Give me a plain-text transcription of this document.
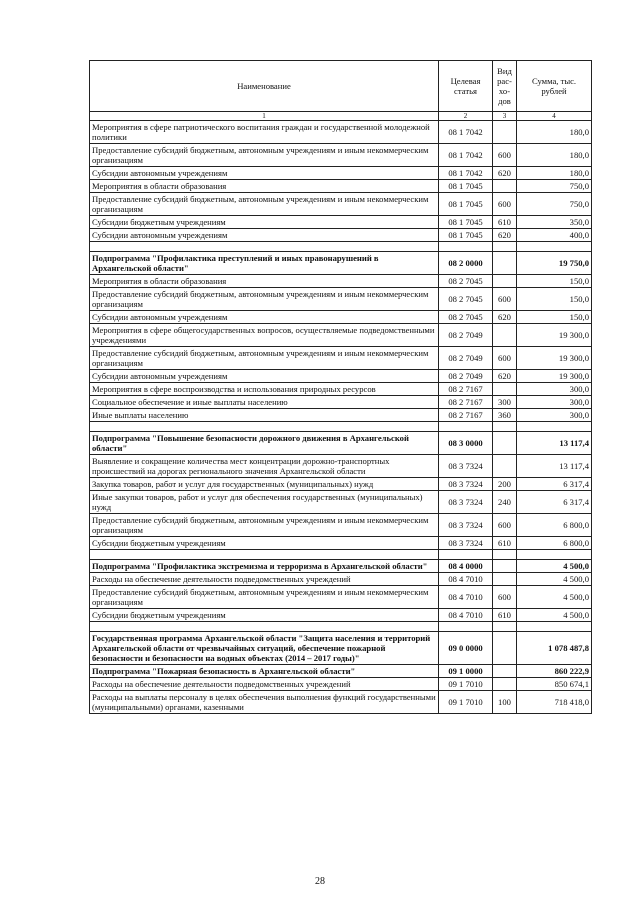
Наименование	Целевая статья	Вид рас- хо- дов	Сумма, тыс. рублей
1	2	3	4
Мероприятия в сфере патриотического воспитания граждан и государственной молодежной политики	08 1 7042		180,0
Предоставление субсидий бюджетным, автономным учреждениям и иным некоммерческим организациям	08 1 7042	600	180,0
Субсидии автономным учреждениям	08 1 7042	620	180,0
Мероприятия в области образования	08 1 7045		750,0
Предоставление субсидий бюджетным, автономным учреждениям и иным некоммерческим организациям	08 1 7045	600	750,0
Субсидии бюджетным учреждениям	08 1 7045	610	350,0
Субсидии автономным учреждениям	08 1 7045	620	400,0

Подпрограмма "Профилактика преступлений и иных правонарушений в Архангельской области"	08 2 0000		19 750,0
Мероприятия в области образования	08 2 7045		150,0
Предоставление субсидий бюджетным, автономным учреждениям и иным некоммерческим организациям	08 2 7045	600	150,0
Субсидии автономным учреждениям	08 2 7045	620	150,0
Мероприятия в сфере общегосударственных вопросов, осуществляемые подведомственными учреждениями	08 2 7049		19 300,0
Предоставление субсидий бюджетным, автономным учреждениям и иным некоммерческим организациям	08 2 7049	600	19 300,0
Субсидии автономным учреждениям	08 2 7049	620	19 300,0
Мероприятия в сфере воспроизводства и использования природных ресурсов	08 2 7167		300,0
Социальное обеспечение и иные выплаты населению	08 2 7167	300	300,0
Иные выплаты населению	08 2 7167	360	300,0

Подпрограмма "Повышение безопасности дорожного движения в Архангельской области"	08 3 0000		13 117,4
Выявление и сокращение количества мест концентрации дорожно-транспортных происшествий на дорогах регионального значения Архангельской области	08 3 7324		13 117,4
Закупка товаров, работ и услуг для государственных (муниципальных) нужд	08 3 7324	200	6 317,4
Иные закупки товаров, работ и услуг для обеспечения государственных (муниципальных) нужд	08 3 7324	240	6 317,4
Предоставление субсидий бюджетным, автономным учреждениям и иным некоммерческим организациям	08 3 7324	600	6 800,0
Субсидии бюджетным учреждениям	08 3 7324	610	6 800,0

Подпрограмма "Профилактика экстремизма и терроризма в Архангельской области"	08 4 0000		4 500,0
Расходы на обеспечение деятельности подведомственных учреждений	08 4 7010		4 500,0
Предоставление субсидий бюджетным, автономным учреждениям и иным некоммерческим организациям	08 4 7010	600	4 500,0
Субсидии бюджетным учреждениям	08 4 7010	610	4 500,0

Государственная программа Архангельской области "Защита населения и территорий Архангельской области от чрезвычайных ситуаций, обеспечение пожарной безопасности и безопасности на водных объектах (2014 – 2017 годы)"	09 0 0000		1 078 487,8
Подпрограмма "Пожарная безопасность в Архангельской области"	09 1 0000		860 222,9
Расходы на обеспечение деятельности подведомственных учреждений	09 1 7010		850 674,1
Расходы на выплаты персоналу в целях обеспечения выполнения функций государственными (муниципальными) органами, казенными	09 1 7010	100	718 418,0
28
